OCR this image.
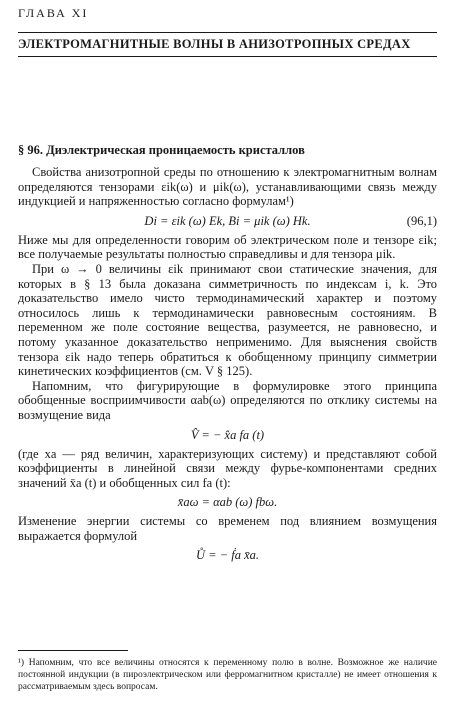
ГЛАВА XI
ЭЛЕКТРОМАГНИТНЫЕ ВОЛНЫ В АНИЗОТРОПНЫХ СРЕДАХ
§ 96. Диэлектрическая проницаемость кристаллов

Свойства анизотропной среды по отношению к электромагнитным волнам определяются тензорами εik(ω) и μik(ω), устанавливающими связь между индукцией и напряженностью согласно формулам¹)

Di = εik (ω) Ek, Bi = μik (ω) Hk.	(96,1)

Ниже мы для определенности говорим об электрическом поле и тензоре εik; все получаемые результаты полностью справедливы и для тензора μik.

При ω → 0 величины εik принимают свои статические значения, для которых в § 13 была доказана симметричность по индексам i, k. Это доказательство имело чисто термодинамический характер и поэтому относилось лишь к термодинамически равновесным состояниям. В переменном же поле состояние вещества, разумеется, не равновесно, и потому указанное доказательство неприменимо. Для выяснения свойств тензора εik надо теперь обратиться к обобщенному принципу симметрии кинетических коэффициентов (см. V § 125).

Напомним, что фигурирующие в формулировке этого принципа обобщенные восприимчивости αab(ω) определяются по отклику системы на возмущение вида

V̂ = − x̂a fa (t)

(где xa — ряд величин, характеризующих систему) и представляют собой коэффициенты в линейной связи между фурье-компонентами средних значений x̄a (t) и обобщенных сил fa (t):

x̄aω = αab (ω) fbω.

Изменение энергии системы со временем под влиянием возмущения выражается формулой

Ů = − ḟa x̄a.
¹) Напомним, что все величины относятся к переменному полю в волне. Возможное же наличие постоянной индукции (в пироэлектрическом или ферромагнитном кристалле) не имеет отношения к рассматриваемым здесь вопросам.
